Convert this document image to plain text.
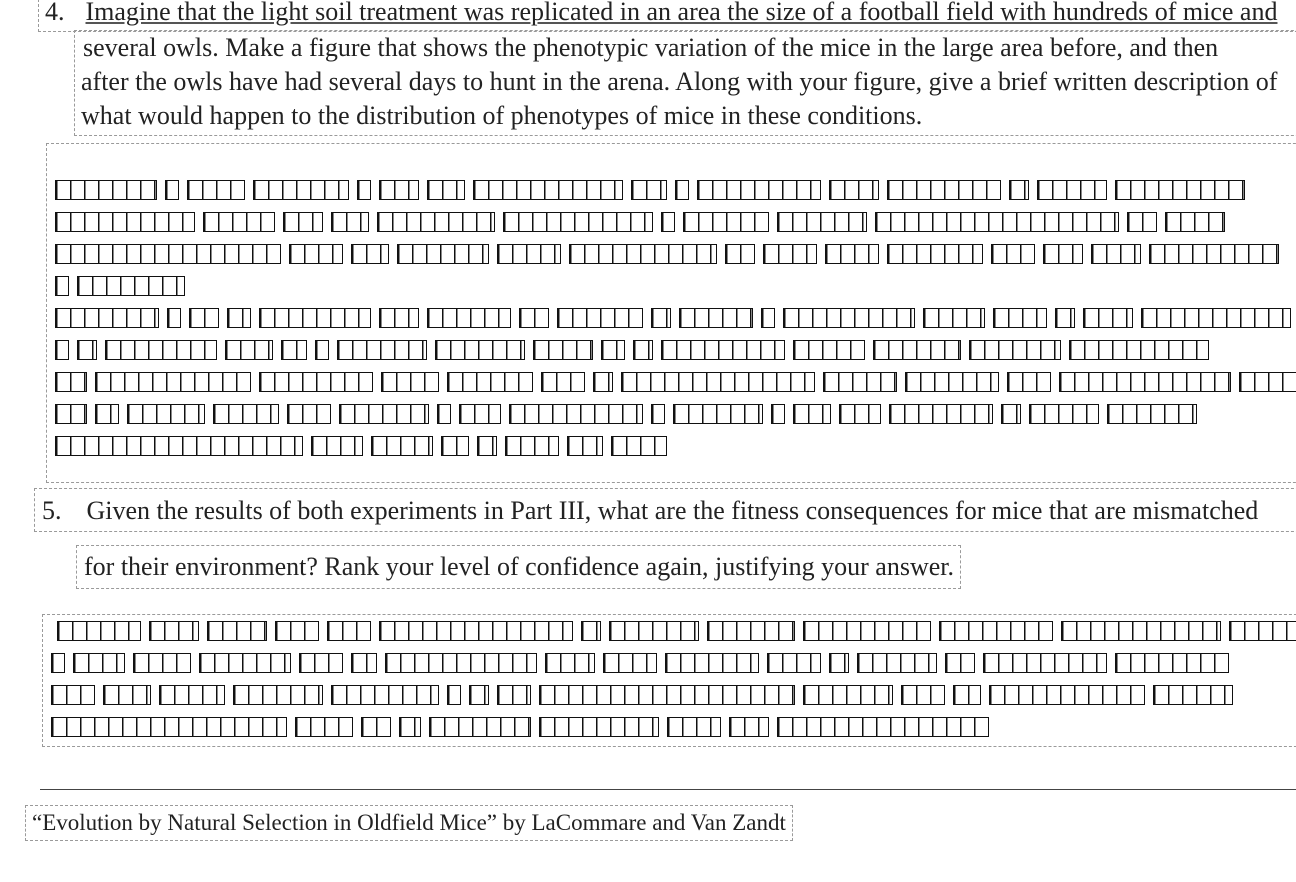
4. Imagine that the light soil treatment was replicated in an area the size of a football field with hundreds of mice and
several owls. Make a figure that shows the phenotypic variation of the mice in the large area before, and then
after the owls have had several days to hunt in the arena. Along with your figure, give a brief written description of
what would happen to the distribution of phenotypes of mice in these conditions.
5. Given the results of both experiments in Part III, what are the fitness consequences for mice that are mismatched
for their environment? Rank your level of confidence again, justifying your answer.
“Evolution by Natural Selection in Oldfield Mice” by LaCommare and Van Zandt
